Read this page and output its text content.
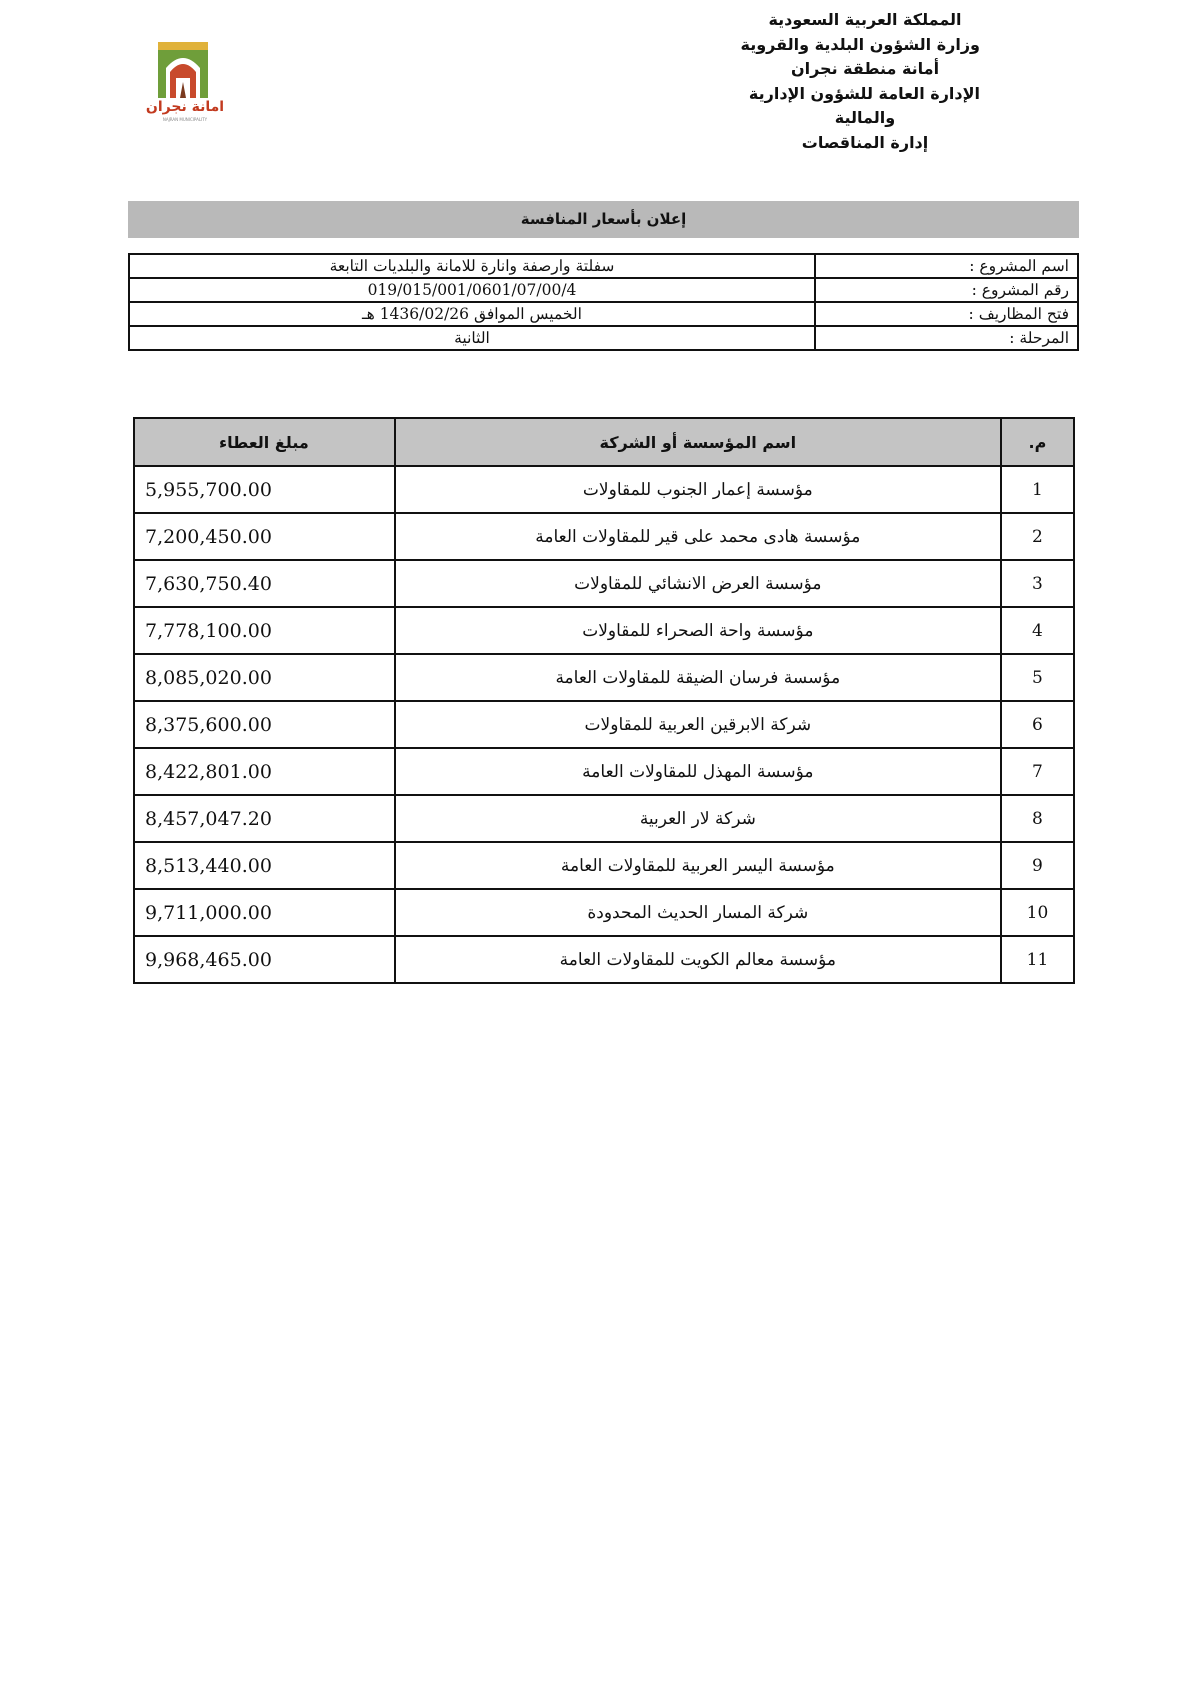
المملكة العربية السعودية
وزارة الشؤون البلدية والقروية
أمانة منطقة نجران
الإدارة العامة للشؤون الإدارية
والمالية
إدارة المناقصات
امانة نجران
NAJRAN MUNICIPALITY
إعلان بأسعار المنافسة
اسم المشروع :	سفلتة وارصفة وانارة للامانة والبلديات التابعة
رقم المشروع :	019/015/001/0601/07/00/4
فتح المظاريف :	الخميس الموافق 1436/02/26 هـ
المرحلة :	الثانية
م.	اسم المؤسسة أو الشركة	مبلغ العطاء
1	مؤسسة إعمار الجنوب للمقاولات	5,955,700.00
2	مؤسسة هادى محمد على قير للمقاولات العامة	7,200,450.00
3	مؤسسة العرض الانشائي للمقاولات	7,630,750.40
4	مؤسسة واحة الصحراء للمقاولات	7,778,100.00
5	مؤسسة فرسان الضيقة للمقاولات العامة	8,085,020.00
6	شركة الابرقين العربية للمقاولات	8,375,600.00
7	مؤسسة المهذل للمقاولات العامة	8,422,801.00
8	شركة لار العربية	8,457,047.20
9	مؤسسة اليسر العربية للمقاولات العامة	8,513,440.00
10	شركة المسار الحديث المحدودة	9,711,000.00
11	مؤسسة معالم الكويت للمقاولات العامة	9,968,465.00
